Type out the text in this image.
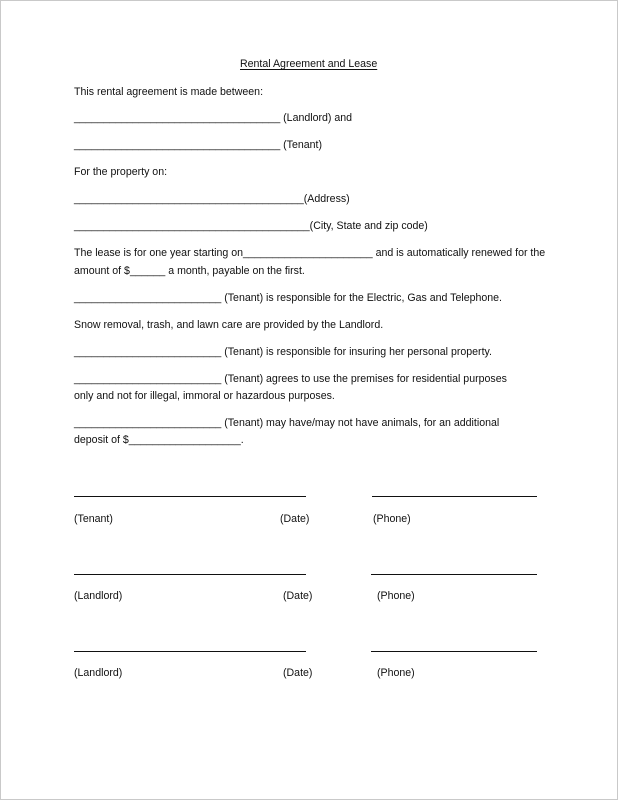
Rental Agreement and Lease
This rental agreement is made between:
___________________________________ (Landlord) and
___________________________________ (Tenant)
For the property on:
_______________________________________(Address)
________________________________________(City, State and zip code)
The lease is for one year starting on______________________ and is automatically renewed for the
amount of $______ a month, payable on the first.
_________________________ (Tenant) is responsible for the Electric, Gas and Telephone.
Snow removal, trash, and lawn care are provided by the Landlord.
_________________________ (Tenant) is responsible for insuring her personal property.
_________________________ (Tenant) agrees to use the premises for residential purposes
only and not for illegal, immoral or hazardous purposes.
_________________________ (Tenant) may have/may not have animals, for an additional
deposit of $___________________.
(Tenant)	(Date)	(Phone)
(Landlord)	(Date)	(Phone)
(Landlord)	(Date)	(Phone)
